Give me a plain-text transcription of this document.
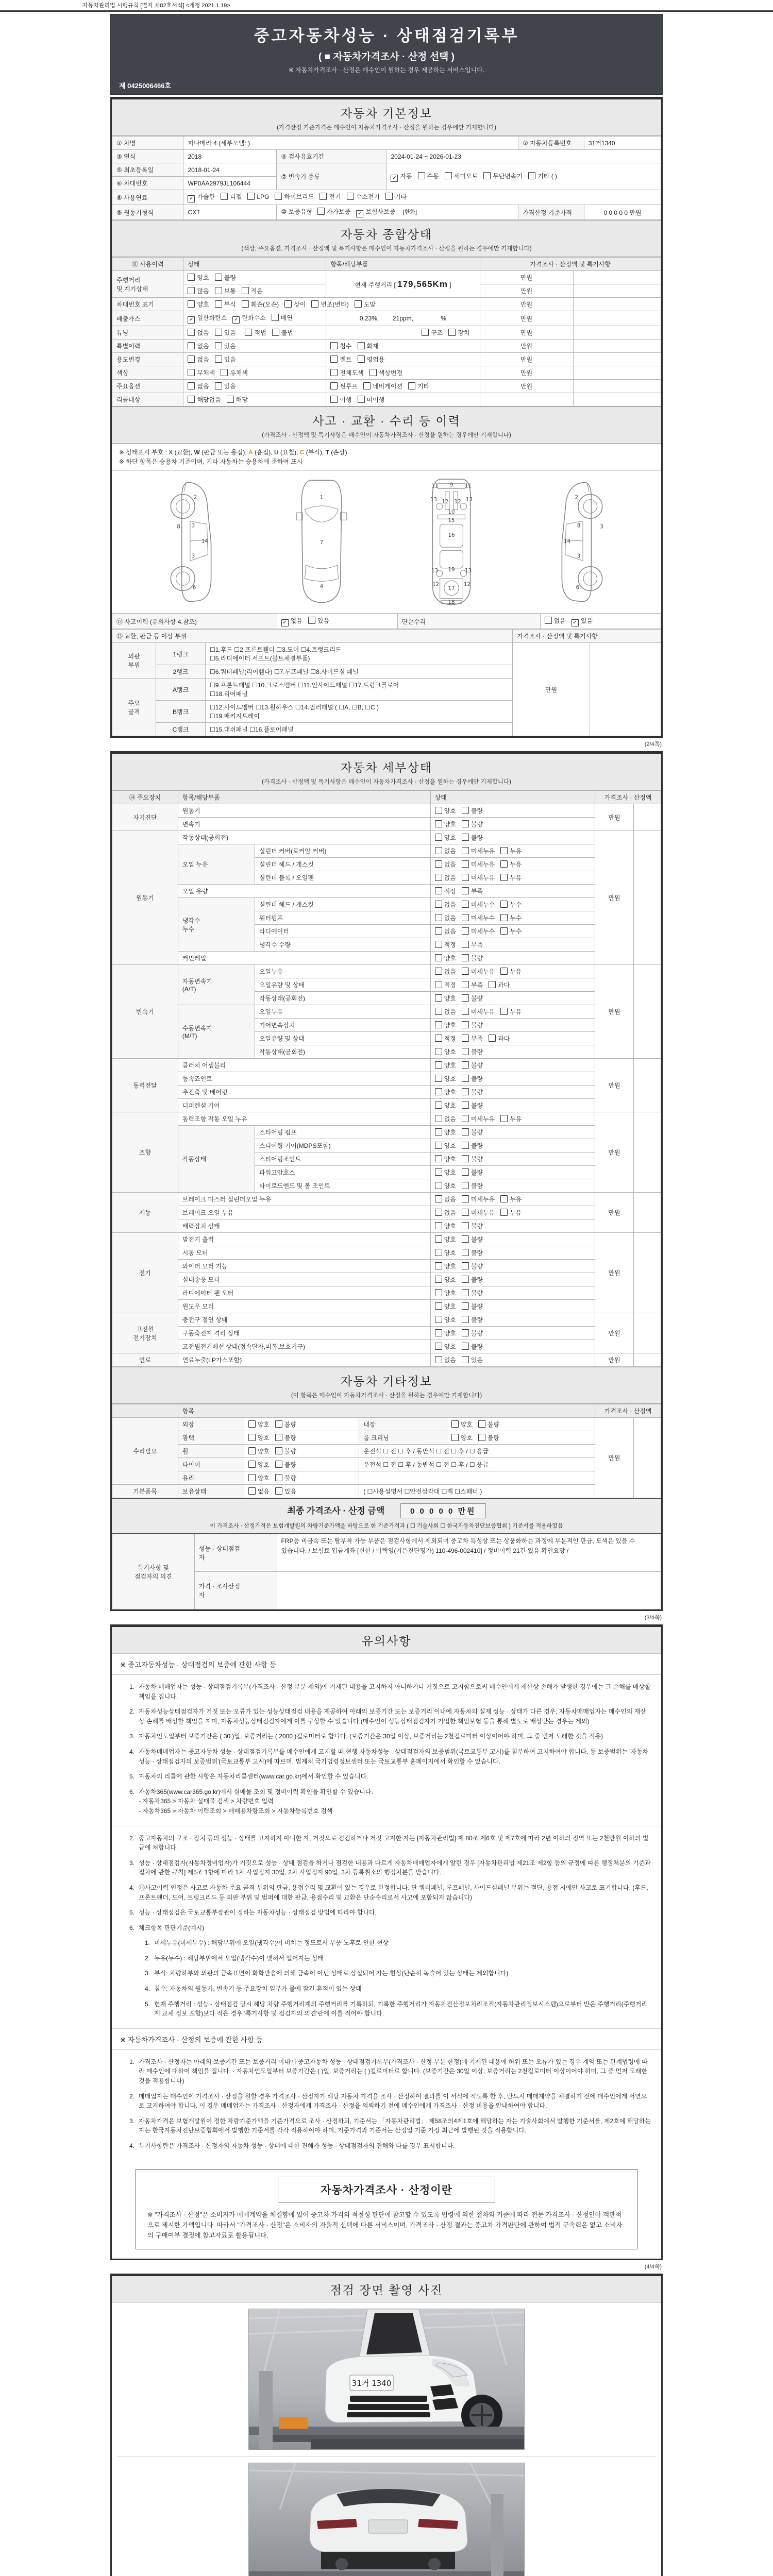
자동차관리법 시행규칙 [별지 제82호서식] <개정 2021.1.19>
중고자동차성능 · 상태점검기록부
( ■ 자동차가격조사 · 산정 선택 )
※ 자동차가격조사 · 산정은 매수인이 원하는 경우 제공하는 서비스입니다.
제 0425006466호
자동차 기본정보
(가격산정 기준가격은 매수인이 자동차가격조사 · 산정을 원하는 경우에만 기재합니다)
① 차명	파나메라 4 (세부모델: )			② 자동차등록번호	31거1340
③ 연식	2018	④ 검사유효기간	2024-01-24 ~ 2026-01-23		
⑤ 최초등록일	2018-01-24	⑦ 변속기 종류	✓ 자동 수동 세미오토 무단변속기 기타 ( )		
⑥ 차대번호	WP0AA2979JL106444				
⑧ 사용연료	✓ 가솔린 디젤 LPG 하이브리드 전기 수소전기 기타				
⑨ 원동기형식	CXT	⑩ 보증유형 자가보증 ✓ 보험사보증 [한화]		가격산정 기준가격	0 0 0 0 0 만원
자동차 종합상태
(색상, 주요옵션, 가격조사 · 산정액 및 특기사항은 매수인이 자동차가격조사 · 산정을 원하는 경우에만 기재합니다)
⑪ 사용이력	상태	항목/해당부품	가격조사 · 산정액 및 특기사항	
주행거리
및 계기상태	양호 불량	현재 주행거리 [ 179,565Km ]	만원	
	많음 보통 적음		만원	
차대번호 표기	양호 부식 훼손(오손) 상이 변조(변타) 도말		만원	
배출가스	✓ 일산화탄소 ✓ 탄화수소 매연	0.23%,        21ppm,                %	만원	
튜닝	없음 있음 적법 불법	구조 장치	만원	
특별이력	없음 있음	침수 화재	만원	
용도변경	없음 있음	렌트 영업용	만원	
색상	무채색 유채색	전체도색 색상변경	만원	
주요옵션	없음 있음	썬루프 네비게이션 기타	만원	
리콜대상	해당없음 해당	이행 미이행		
사고 · 교환 · 수리 등 이력
(가격조사 · 산정액 및 특기사항은 매수인이 자동차가격조사 · 산정을 원하는 경우에만 기재합니다)
※ 상태표시 부호 : X (교환), W (판금 또는 용접), A (흠집), U (요철), C (부식), T (손상)
※ 하단 항목은 승용차 기준이며, 기타 자동차는 승용차에 준하여 표시
2
8 3
14
3
6
1
7
4
11 9 11
13 12 12 13
10
15
16
13 19 13
12
17
12
18
2
3
8
14
3
6
⑫ 사고이력 (유의사항 4.참조)	✓ 없음 있음	단순수리	없음 ✓ 있음
⑬ 교환, 판금 등 이상 부위			가격조사 · 산정액 및 특기사항	
외판
부위	1랭크	☐1.후드 ☐2.프론트휀더 ☐3.도어 ☐4.트렁크리드
☐5.라디에이터 서포트(볼트체결부품)	만원	
	2랭크	☐6.쿼터패널(리어휀다) ☐7.루프패널 ☐8.사이드실 패널		
주요
골격	A랭크	☐9.프론트패널 ☐10.크로스멤버 ☐11.인사이드패널 ☐17.트렁크플로어
☐18.리어패널		
	B랭크	☐12.사이드멤버 ☐13.휠하우스 ☐14.필러패널 ( ☐A, ☐B, ☐C )
☐19.패키지트레이		
	C랭크	☐15.대쉬패널 ☐16.플로어패널		
(2/4쪽)
자동차 세부상태
(가격조사 · 산정액 및 특기사항은 매수인이 자동차가격조사 · 산정을 원하는 경우에만 기재합니다)
⑭ 주요장치	항목/해당부품		상태	가격조사 · 산정액	
자기진단	원동기		양호 불량	만원	
	변속기		양호 불량		
원동기	작동상태(공회전)		양호 불량	만원	
	오일 누유	실린더 커버(로커암 커버)	없음 미세누유 누유		
		실린더 헤드 / 개스킷	없음 미세누유 누유		
		실린더 블록 / 오일팬	없음 미세누유 누유		
	오일 유량		적정 부족		
	냉각수
누수	실린더 헤드 / 개스킷	없음 미세누수 누수		
		워터펌프	없음 미세누수 누수		
		라디에이터	없음 미세누수 누수		
		냉각수 수량	적정 부족		
	커먼레일		양호 불량		
변속기	자동변속기
(A/T)	오일누유	없음 미세누유 누유	만원	
		오일유량 및 상태	적정 부족 과다		
		작동상태(공회전)	양호 불량		
	수동변속기
(M/T)	오일누유	없음 미세누유 누유		
		기어변속장치	양호 불량		
		오일유량 및 상태	적정 부족 과다		
		작동상태(공회전)	양호 불량		
동력전달	클러치 어셈블리		양호 불량	만원	
	등속죠인트		양호 불량		
	추진축 및 베어링		양호 불량		
	디퍼렌셜 기어		양호 불량		
조향	동력조향 작동 오일 누유		없음 미세누유 누유	만원	
	작동상태	스티어링 펌프	양호 불량		
		스티어링 기어(MDPS포함)	양호 불량		
		스티어링조인트	양호 불량		
		파워고압호스	양호 불량		
		타이로드엔드 및 볼 조인트	양호 불량		
제동	브레이크 마스터 실린더오일 누유		없음 미세누유 누유	만원	
	브레이크 오일 누유		없음 미세누유 누유		
	배력장치 상태		양호 불량		
전기	발전기 출력		양호 불량	만원	
	시동 모터		양호 불량		
	와이퍼 모터 기능		양호 불량		
	실내송풍 모터		양호 불량		
	라디에이터 팬 모터		양호 불량		
	윈도우 모터		양호 불량		
고전원
전기장치	충전구 절연 상태		양호 불량	만원	
	구동축전지 격리 상태		양호 불량		
	고전원전기배선 상태(접속단자,피복,보호기구)		양호 불량		
연료	연료누출(LP가스포함)		없음 있음	만원	
자동차 기타정보
(이 항목은 매수인이 자동차가격조사 · 산정을 원하는 경우에만 기재합니다)
	항목				가격조사 · 산정액	
수리필요	외장	양호 불량	내장	양호 불량	만원	
	광택	양호 불량	룸 크리닝	양호 불량		
	휠	양호 불량	운전석 ☐ 전 ☐ 후 / 동반석 ☐ 전 ☐ 후 / ☐ 응급			
	타이어	양호 불량	운전석 ☐ 전 ☐ 후 / 동반석 ☐ 전 ☐ 후 / ☐ 응급			
	유리	양호 불량				
기본품목	보유상태	없음 있음	( ☐사용설명서 ☐안전삼각대 ☐잭 ☐스패너 )			
최종 가격조사 · 산정 금액	0 0 0 0 0 만원
이 가격조사 · 산정가격은 보험개발원의 차량기준가액을 바탕으로 한 기준가격과 ( ☐ 기술사회 ☐ 한국자동차진단보증협회 ) 기준서를 적용하였음
특기사항 및
점검자의 의견	성능 · 상태점검
자	FRP등 비금속 또는 탈부착 가능 부품은 점검사항에서 제외되며 중고차 특성상 또는 상품화하는 과정에 부분적인 판금, 도색은 있을 수 있습니다. / 보험료 입금계좌 [신한 / 이택영(기은진단평가) 110-496-002410] / 정비이력 21건 있음 확인요망 /
	가격 · 조사산정
자	
(3/4쪽)
유의사항
※ 중고자동차성능 · 상태점검의 보증에 관한 사항 등
1. 자동차 매매업자는 성능 · 상태점검기록부(가격조사 · 산정 부분 제외)에 기재된 내용을 고지하지 아니하거나 거짓으로 고지함으로써 매수인에게 재산상 손해가 발생한 경우에는 그 손해를 배상할 책임을 집니다.
2. 자동차성능상태점검자가 거짓 또는 오류가 있는 성능상태점검 내용을 제공하여 아래의 보증기간 또는 보증거리 이내에 자동차의 실제 성능 · 상태가 다른 경우, 자동차매매업자는 매수인의 재산상 손해를 배상할 책임을 지며, 자동차성능상태점검자에게 이를 구상할 수 있습니다.(매수인이 성능상태점검자가 가입한 책임보험 등을 통해 별도로 배상받는 경우는 제외)
3. 자동차인도일부터 보증기간은 ( 30 )일, 보증거리는 ( 2000 )킬로미터로 합니다. (보증기간은 30일 이상, 보증거리는 2천킬로미터 이상이어야 하며, 그 중 먼저 도래한 것을 적용)
4. 자동차매매업자는 중고자동차 성능 · 상태점검기록부를 매수인에게 고지할 때 현행 자동차성능 · 상태점검자의 보증범위(국토교통부 고시)를 첨부하여 고지하여야 합니다. 동 보증범위는 '자동차성능 · 상태점검자의 보증범위'(국토교통부 고시)에 따르며, 법제처 국가법령정보센터 또는 국토교통부 홈페이지에서 확인할 수 있습니다.
5. 자동차의 리콜에 관한 사항은 자동차리콜센터(www.car.go.kr)에서 확인할 수 있습니다.
6. 자동차365(www.car365.go.kr)에서 실매물 조회 및 정비이력 확인을 확인할 수 있습니다.
- 자동차365 > 자동차 실매물 검색 > 차량번호 입력
- 자동차365 > 자동차 이력조회 > 매매용차량조회 > 자동차등록번호 검색
2. 중고자동차의 구조 · 장치 등의 성능 · 상태를 고지하지 아니한 자, 거짓으로 점검하거나 거짓 고지한 자는 [자동차관리법] 제 80조 제6호 및 제7호에 따라 2년 이하의 징역 또는 2천만원 이하의 벌금에 처합니다.
3. 성능 · 상태점검자(자동차정비업자)가 거짓으로 성능 · 상태 점검을 하거나 점검한 내용과 다르게 자동차매매업자에게 알린 경우 [자동차관리법 제21조 제2항 등의 규정에 따른 행정처분의 기준과 절차에 관한 규칙] 제5조 1항에 따라 1차 사업정지 30일, 2차 사업정지 90일, 3차 등록취소의 행정처분을 받습니다.
4. ⑫사고이력 인정은 사고로 자동차 주요 골격 부위의 판금, 용접수리 및 교환이 있는 경우로 한정합니다. 단 쿼터패널, 루프패널, 사이드실패널 부위는 절단, 용접 시에만 사고로 표기합니다. (후드, 프론트펜더, 도어, 트렁크리드 등 외판 부위 및 범퍼에 대한 판금, 용접수리 및 교환은 단순수리로서 사고에 포함되지 않습니다)
5. 성능 · 상태점검은 국토교통부장관이 정하는 자동차성능 · 상태점검 방법에 따라야 합니다.
6. 체크항목 판단기준(예시)
1. 미세누유(미세누수) : 해당부위에 오일(냉각수)이 비치는 정도로서 부품 노후로 인한 현상
2. 누유(누수) : 해당부위에서 오일(냉각수)이 맺혀서 떨어지는 상태
3. 부식: 차량하부와 외판의 금속표면이 화학반응에 의해 금속이 아닌 상태로 상실되어 가는 현상(단순히 녹슬어 있는 상태는 제외합니다)
4. 침수: 자동차의 원동기, 변속기 등 주요장치 일부가 물에 잠긴 흔적이 있는 상태
5. 현재 주행거리 : 성능 · 상태점검 당시 해당 차량 주행거리계의 주행거리를 기록하되, 기록한 주행거리가 자동차전산정보처리조직(자동차관리정보시스템)으로부터 받은 주행거리(주행거리계 교체 정보 포함)보다 적은 경우 '특기사항 및 점검자의 의견'란에 이를 적어야 합니다.
※ 자동차가격조사 · 산정의 보증에 관한 사항 등
1. 가격조사 · 산정자는 아래의 보증기간 또는 보증거리 이내에 중고자동차 성능 · 상태점검기록부(가격조사 · 산정 부분 한정)에 기재된 내용에 허위 또는 오류가 있는 경우 계약 또는 관계법령에 따라 매수인에 대하여 책임을 집니다. · 자동차인도일부터 보증기간은 ( )일, 보증거리는 ( )킬로미터로 합니다. (보증기간은 30일 이상, 보증거리는 2천킬로미터 이상이어야 하며, 그 중 먼저 도래한 것을 적용합니다)
2. 매매업자는 매수인이 가격조사 · 산정을 원할 경우 가격조사 · 산정자가 해당 자동차 가격을 조사 · 산정하여 결과를 이 서식에 적도록 한 후, 반드시 매매계약을 체결하기 전에 매수인에게 서면으로 고지하여야 합니다. 이 경우 매매업자는 가격조사 · 산정자에게 가격조사 · 산정을 의뢰하기 전에 매수인에게 가격조사 · 산정 비용을 안내하여야 합니다.
3. 자동차가격은 보험개발원이 정한 차량기준가액을 기준가격으로 조사 · 산정하되, 기준서는 「자동차관리법」 제58조의4제1호에 해당하는 자는 기술사회에서 발행한 기준서를, 제2호에 해당하는 자는 한국자동차진단보증협회에서 발행한 기준서를 각각 적용하여야 하며, 기준가격과 기준서는 산정일 기준 가장 최근에 발행된 것을 적용합니다.
4. 특기사항란은 가격조사 · 산정자의 자동차 성능 · 상태에 대한 견해가 성능 · 상태점검자의 견해와 다를 경우 표시합니다.
자동차가격조사 · 산정이란
※ "가격조사 · 산정"은 소비자가 매매계약을 체결함에 있어 중고차 가격의 적절성 판단에 참고할 수 있도록 법령에 의한 절차와 기준에 따라 전문 가격조사 · 산정인이 객관적으로 제시한 가액입니다. 따라서 "가격조사 · 산정"은 소비자의 자율적 선택에 따른 서비스이며, 가격조사 · 산정 결과는 중고차 가격판단에 관하여 법적 구속력은 없고 소비자의 구매여부 결정에 참고자료로 활용됩니다.
(4/4쪽)
점검 장면 촬영 사진
31거 1340
